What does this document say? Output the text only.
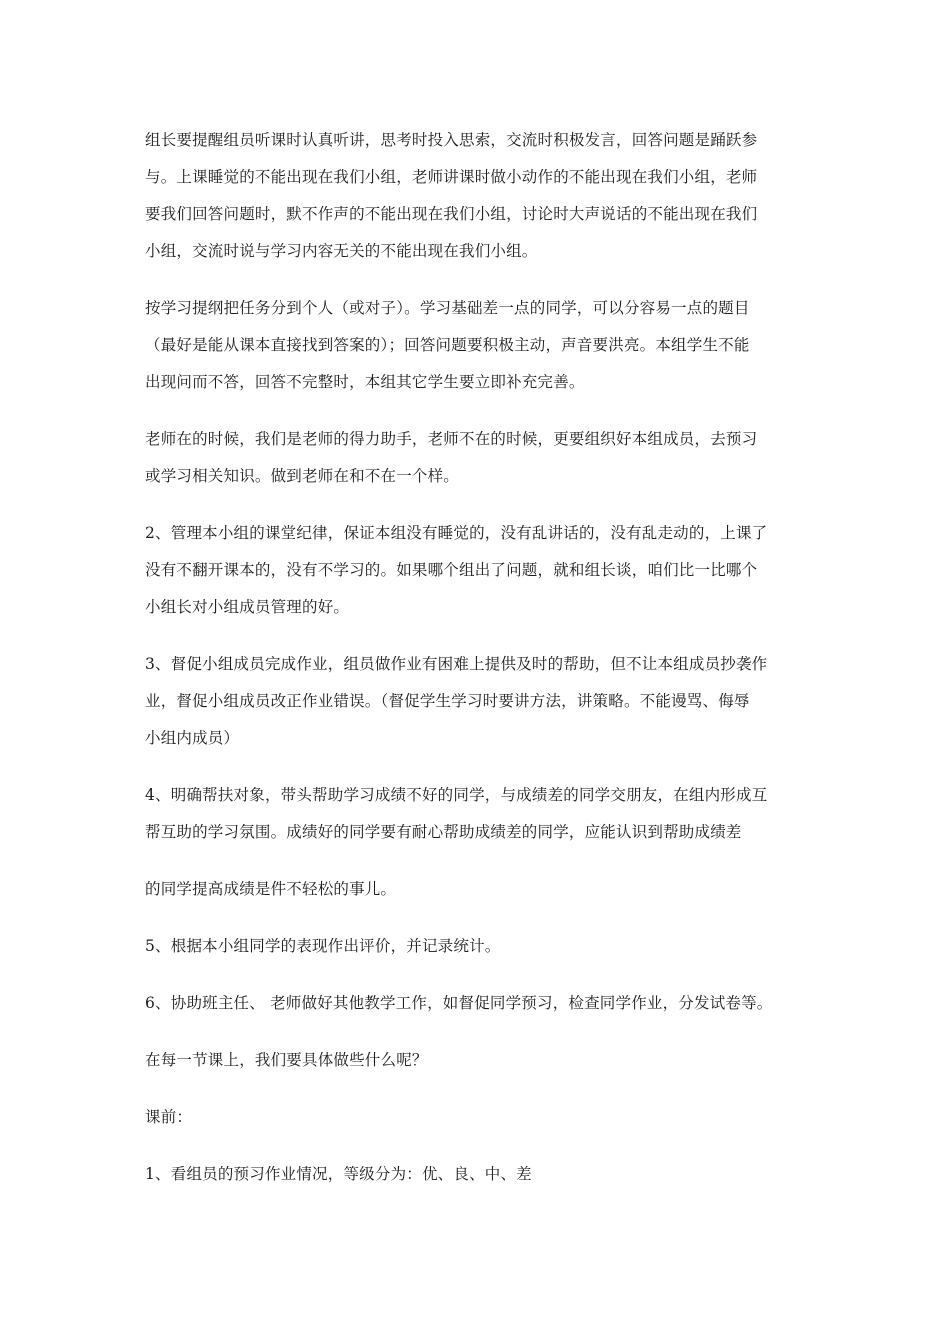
组长要提醒组员听课时认真听讲，思考时投入思索，交流时积极发言，回答问题是踊跃参
与。上课睡觉的不能出现在我们小组，老师讲课时做小动作的不能出现在我们小组，老师
要我们回答问题时，默不作声的不能出现在我们小组，讨论时大声说话的不能出现在我们
小组，交流时说与学习内容无关的不能出现在我们小组。

按学习提纲把任务分到个人（或对子）。学习基础差一点的同学，可以分容易一点的题目
（最好是能从课本直接找到答案的）；回答问题要积极主动，声音要洪亮。本组学生不能
出现问而不答，回答不完整时，本组其它学生要立即补充完善。

老师在的时候，我们是老师的得力助手，老师不在的时候，更要组织好本组成员，去预习
或学习相关知识。做到老师在和不在一个样。

2、管理本小组的课堂纪律，保证本组没有睡觉的，没有乱讲话的，没有乱走动的，上课了
没有不翻开课本的，没有不学习的。如果哪个组出了问题，就和组长谈，咱们比一比哪个
小组长对小组成员管理的好。

3、督促小组成员完成作业，组员做作业有困难上提供及时的帮助，但不让本组成员抄袭作
业，督促小组成员改正作业错误。（督促学生学习时要讲方法，讲策略。不能谩骂、侮辱
小组内成员）

4、明确帮扶对象，带头帮助学习成绩不好的同学，与成绩差的同学交朋友，在组内形成互
帮互助的学习氛围。成绩好的同学要有耐心帮助成绩差的同学，应能认识到帮助成绩差

的同学提高成绩是件不轻松的事儿。

5、根据本小组同学的表现作出评价，并记录统计。

6、协助班主任、 老师做好其他教学工作，如督促同学预习，检查同学作业，分发试卷等。

在每一节课上，我们要具体做些什么呢？

课前：

1、看组员的预习作业情况，等级分为：优、良、中、差
